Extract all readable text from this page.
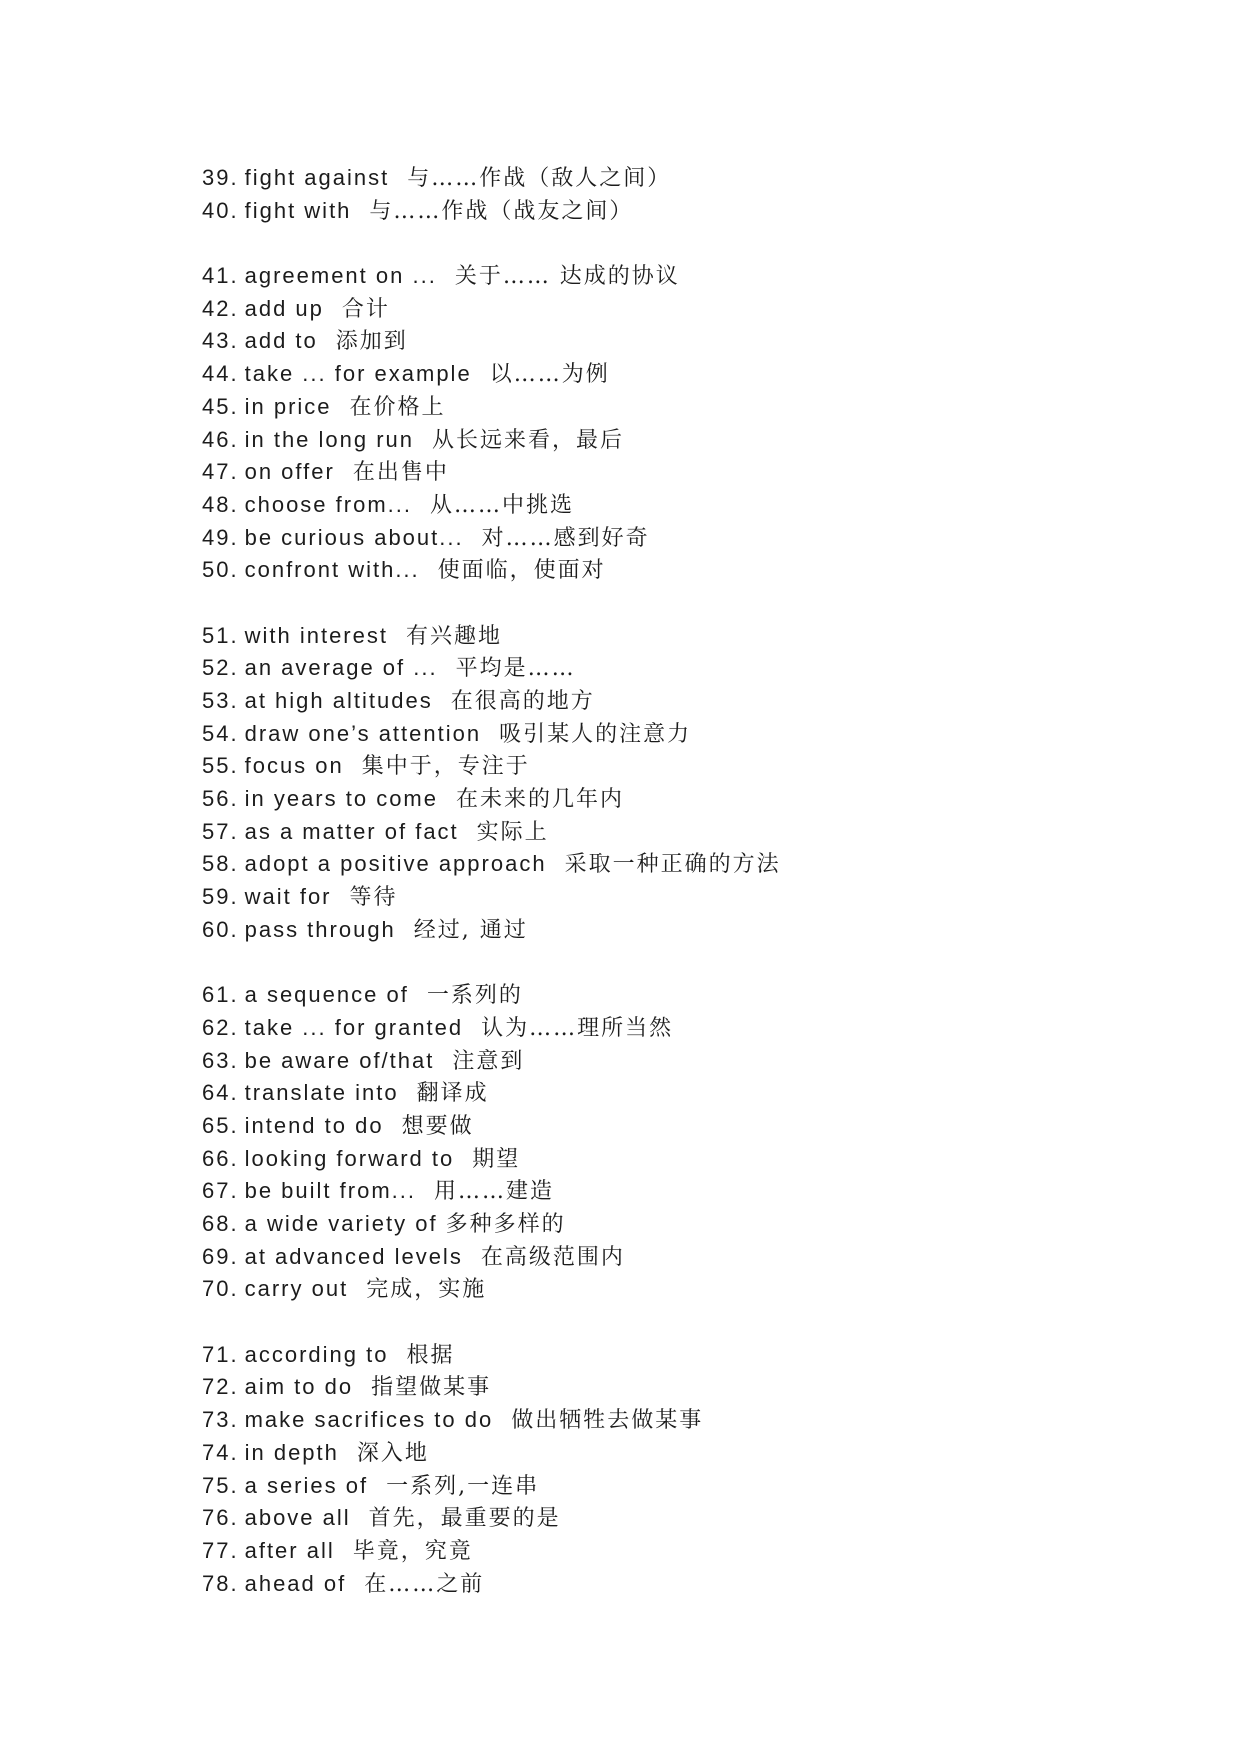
39. fight against 与……作战（敌人之间）
40. fight with 与……作战（战友之间）
41. agreement on ... 关于…… 达成的协议
42. add up 合计
43. add to 添加到
44. take ... for example 以……为例
45. in price 在价格上
46. in the long run 从长远来看，最后
47. on offer 在出售中
48. choose from... 从……中挑选
49. be curious about... 对……感到好奇
50. confront with... 使面临，使面对
51. with interest 有兴趣地
52. an average of ... 平均是……
53. at high altitudes 在很高的地方
54. draw one’s attention 吸引某人的注意力
55. focus on 集中于，专注于
56. in years to come 在未来的几年内
57. as a matter of fact 实际上
58. adopt a positive approach 采取一种正确的方法
59. wait for 等待
60. pass through 经过, 通过
61. a sequence of 一系列的
62. take ... for granted 认为……理所当然
63. be aware of/that 注意到
64. translate into 翻译成
65. intend to do 想要做
66. looking forward to 期望
67. be built from... 用……建造
68. a wide variety of 多种多样的
69. at advanced levels 在高级范围内
70. carry out 完成，实施
71. according to 根据
72. aim to do 指望做某事
73. make sacrifices to do 做出牺牲去做某事
74. in depth 深入地
75. a series of 一系列,一连串
76. above all 首先，最重要的是
77. after all 毕竟，究竟
78. ahead of 在……之前
